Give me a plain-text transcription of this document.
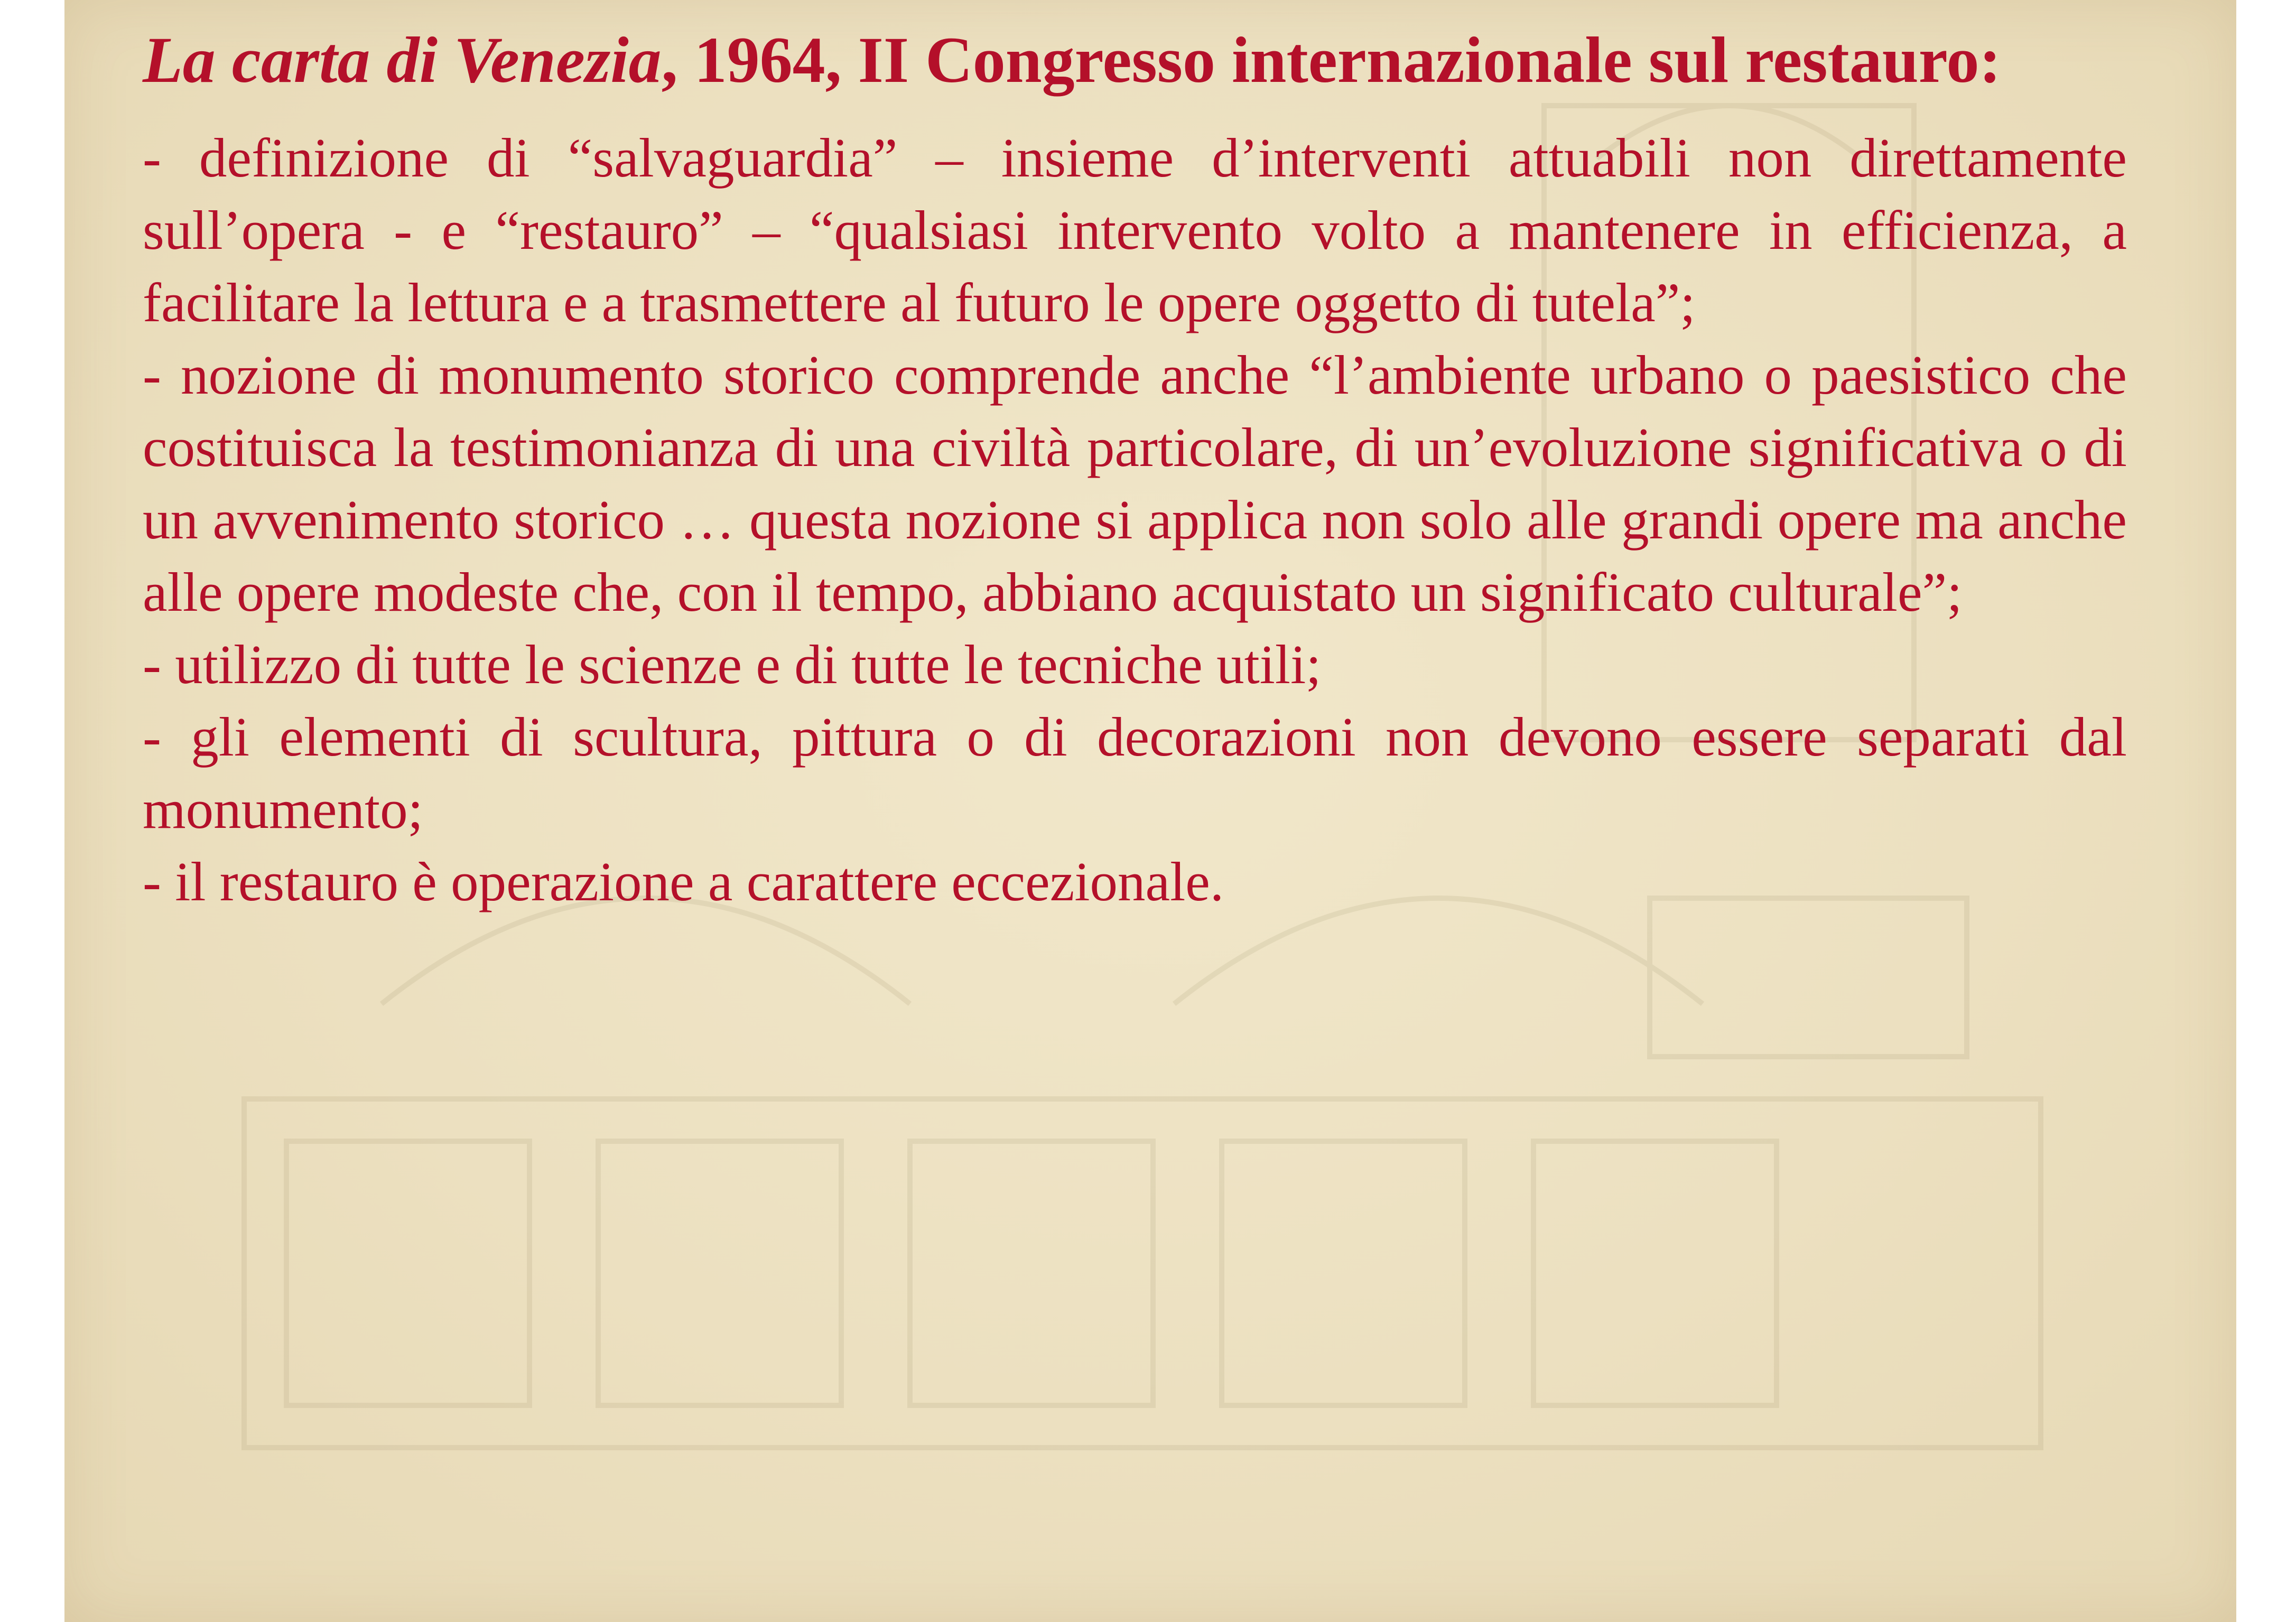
La carta di Venezia, 1964, II Congresso internazionale sul restauro:
- definizione di “salvaguardia” – insieme d’interventi attuabili non direttamente sull’opera - e “restauro” – “qualsiasi intervento volto a mantenere in efficienza, a facilitare la lettura e a trasmettere al futuro le opere oggetto di tutela”;
- nozione di monumento storico comprende anche “l’ambiente urbano o paesistico che costituisca la testimonianza di una civiltà particolare, di un’evoluzione significativa o di un avvenimento storico … questa nozione si applica non solo alle grandi opere ma anche alle opere modeste che, con il tempo, abbiano acquistato un significato culturale”;
- utilizzo di tutte le scienze e di tutte le tecniche utili;
- gli elementi di scultura, pittura o di decorazioni non devono essere separati dal monumento;
- il restauro è operazione a carattere eccezionale.
